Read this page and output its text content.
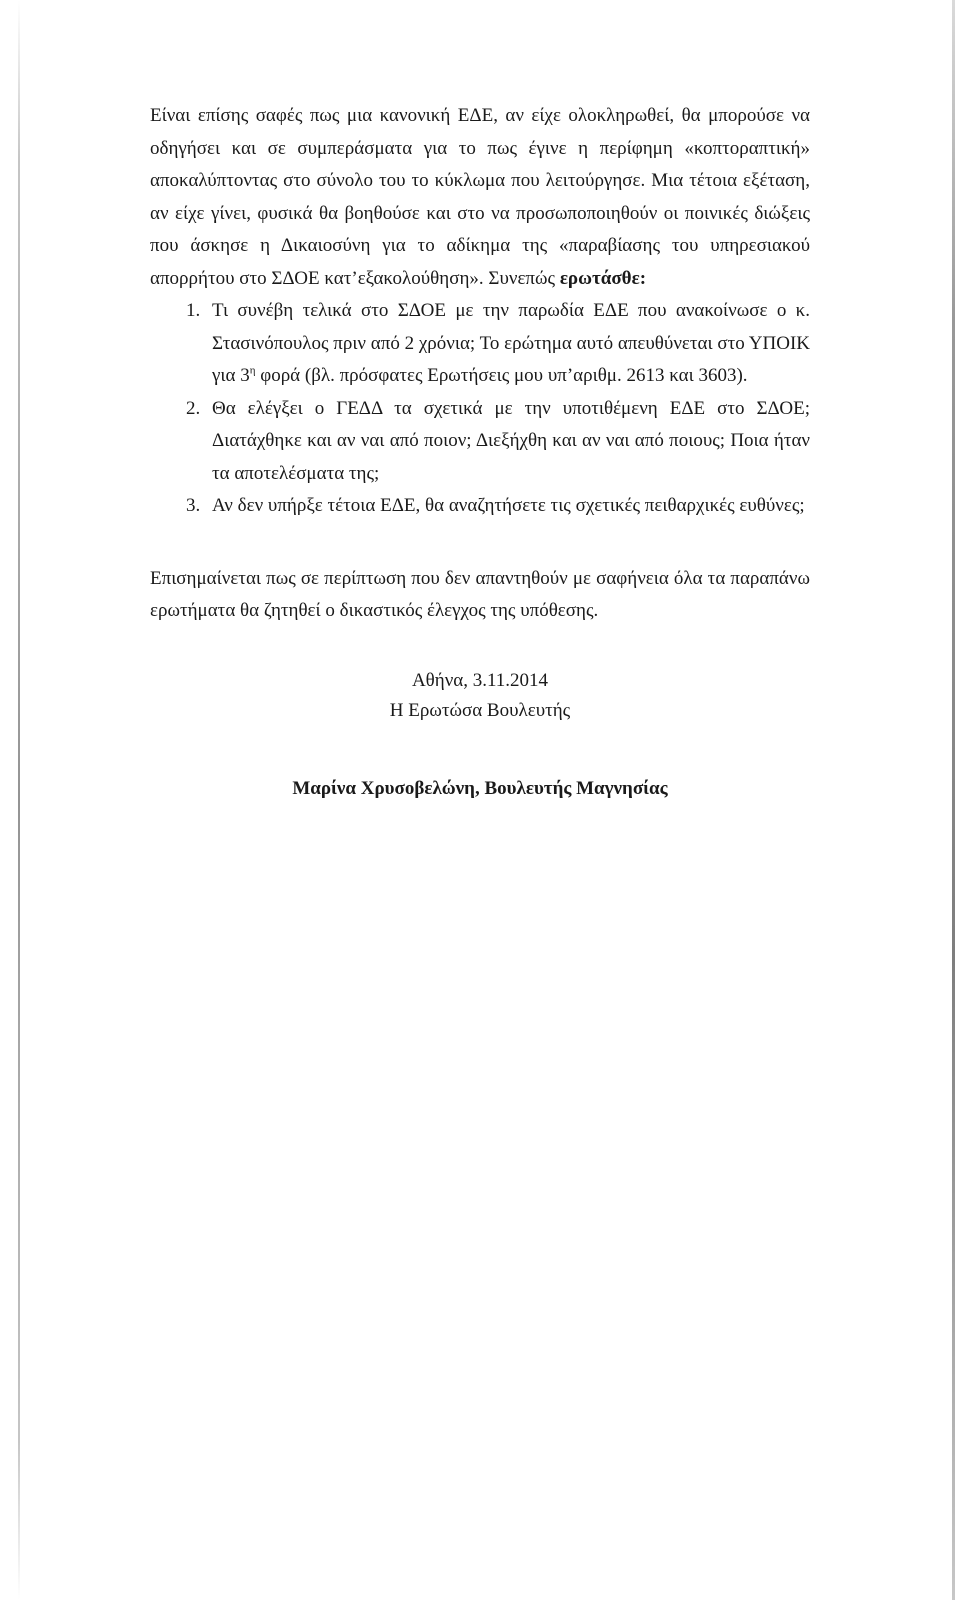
Είναι επίσης σαφές πως μια κανονική ΕΔΕ, αν είχε ολοκληρωθεί, θα μπορούσε να οδηγήσει και σε συμπεράσματα για το πως έγινε η περίφημη «κοπτοραπτική» αποκαλύπτοντας στο σύνολο του το κύκλωμα που λειτούργησε. Μια τέτοια εξέταση, αν είχε γίνει, φυσικά θα βοηθούσε και στο να προσωποποιηθούν οι ποινικές διώξεις που άσκησε η Δικαιοσύνη για το αδίκημα της «παραβίασης του υπηρεσιακού απορρήτου στο ΣΔΟΕ κατ’εξακολούθηση». Συνεπώς ερωτάσθε:

1. Τι συνέβη τελικά στο ΣΔΟΕ με την παρωδία ΕΔΕ που ανακοίνωσε ο κ. Στασινόπουλος πριν από 2 χρόνια; Το ερώτημα αυτό απευθύνεται στο ΥΠΟΙΚ για $3^\eta$ φορά (βλ. πρόσφατες Ερωτήσεις μου υπ’αριθμ. 2613 και 3603).
2. Θα ελέγξει ο ΓΕΔΔ τα σχετικά με την υποτιθέμενη ΕΔΕ στο ΣΔΟΕ; Διατάχθηκε και αν ναι από ποιον; Διεξήχθη και αν ναι από ποιους; Ποια ήταν τα αποτελέσματα της;
3. Αν δεν υπήρξε τέτοια ΕΔΕ, θα αναζητήσετε τις σχετικές πειθαρχικές ευθύνες;

Επισημαίνεται πως σε περίπτωση που δεν απαντηθούν με σαφήνεια όλα τα παραπάνω ερωτήματα θα ζητηθεί ο δικαστικός έλεγχος της υπόθεσης.

Αθήνα, 3.11.2014
Η Ερωτώσα Βουλευτής
Μαρίνα Χρυσοβελώνη, Βουλευτής Μαγνησίας
